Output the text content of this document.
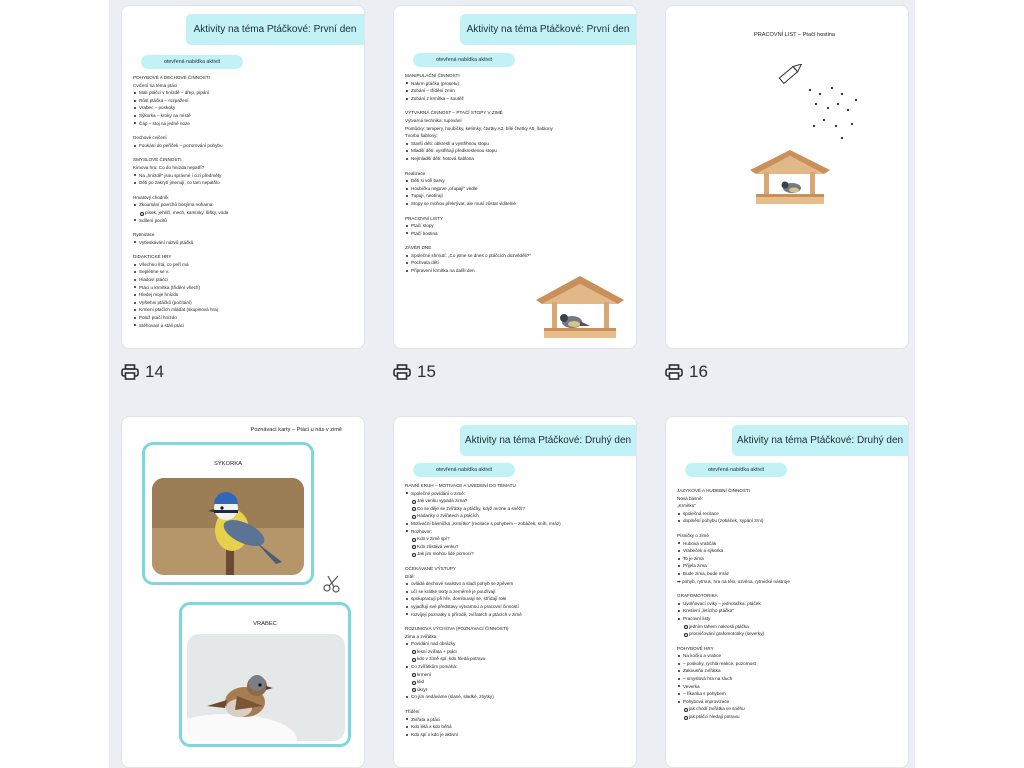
Aktivity na téma Ptáčkové: První den
otevřená nabídka aktivit
POHYBOVÉ A DECHOVÉ ČINNOSTI
Cvičení na téma ptáci
Malí ptáčci v hnízdě – dřep, pípání
Růst ptáčka – rozpažení
Vrabec – poskoky
Sýkorka – kroky na místě
Čáp – stoj na jedné noze
Dechové cvičení
Foukání do peříček – pozorování pohybu
SMYSLOVÉ ČINNOSTI
Kimova hra: Co do hnízda nepatří?
Na „hnízdě" jsou správné i cizí předměty
Děti po zakrytí jmenují, co tam nepatřilo
Hmatový chodník
Zkoumání povrchů bosýma nohama:
písek, jehličí, mech, kamínky, šišky, voda
Sdílení pocitů
Rytmizace
Vytleskávání názvů ptáčků
DIDAKTICKÉ HRY
Všechno lítá, co peří má
Seplétme se v.
Hladoví ptáčci
Ptáci u krmítka (třídění všech)
Hledej moje hnízdo
Vyšlehni ptáčků (počítání)
Krmení ptačích mláďat (skupinová hra)
Polož ptačí hnízdo
Stěhovaví a stálí ptáci
Aktivity na téma Ptáčkové: První den
otevřená nabídka aktivit
MANIPULAČNÍ ČINNOSTI
Nakrm ptáčka (prosetu)
Zobání – třídění zrnin
Zobání z krmítka – soutěž
VÝTVARNÁ ČINNOST – PTAČÍ STOPY V ZIMĚ
Výtvarná technika: tupování
Pomůcky: tempery, houbičky, kelímky, čtvrtky A3, bílé čtvrtky A5, šablony
Tvorba šablony:
Starší děti: obkreslí a vystřihnou stopu
Mladší děti: vystřihají předkreslenou stopu
Nejmladší děti: hotová šablona
Realizace
Děti si volí barvy
Houbičku nejprve „oťupají" vedle
Tupují, neotírají
Stopy se mohou překrývat, ale musí zůstat viditelné
PRACOVNÍ LISTY
Ptačí stopy
Ptačí hostina
ZÁVĚR DNE
Společné shrnutí: „Co jsme se dnes o ptáčcích dozvěděli?"
Pochvala dětí
Připravení krmítka na další den
PRACOVNÍ LIST – Ptačí hostina
14	15	16
Poznávací karty – Ptáci u nás v zimě
SÝKORKA
VRABEC
Aktivity na téma Ptáčkové: Druhý den
otevřená nabídka aktivit
RANNÍ KRUH – MOTIVACE A UVEDENÍ DO TÉMATU
Společné povídání o zimě:
Jak venku vypadá zima?
Co se děje se zvířátky a ptáčky, když mrzne a sněží?
Hádanky o zvířatech a ptácích
Motivační básnička „Krmítko" (recitace s pohybem – zobáček, sníh, mráz)
Rozhovor:
Kdo v zimě spí?
Kdo zůstává venku?
Jak jim mohou lidé pomoci?
OČEKÁVANÉ VÝSTUPY
Dítě:
ovládá dechové svalstvo a sladí pohyb se zpěvem
učí se krátké texty a zeměrně je používají
spolupracují při hře, domlouvají se, střídají role
vyjadřují své představy výtvarnou a pracovní činností
rozvíjejí poznatky o přírodě, zvířatech a ptácích v zimě
ROZUMOVÁ VÝCHOVA (POZNÁVACÍ ČINNOSTI)
Zima a zvířátka
Povídání nad obrázky
lesní zvířata + ptáci
kdo v zimě spí, kdo hledá potravu
Co zvířátkům pomáhá:
krmení
klid
úkryt
Co jím nedáváme (slané, sladké, zbytky)
Třídění
Zvířata a ptáci
Kdo létá x kdo běhá
Kdo spí x kdo je aktivní
Aktivity na téma Ptáčkové: Druhý den
otevřená nabídka aktivit
JAZYKOVÉ A HUDEBNÍ ČINNOSTI
Nová básně:
„Krmítko"
společná recitace
doplnění pohybu (zobáček, sypání zrní)
Písničky o zimě
Hubová vrabčák
Vrabeček a sýkorka
To je zima
Přijela zima
Bude zima, bude mráz
➡ pohyb, rytmus, hra na tělo, ozvěna, rytmické nástroje
GRAFOMOTORIKA
Uvolňovací cviky – jednotažka: ptáček
Kreslení „letícího ptáčka"
Pracovní listy
jedním tahem nakresli ptáčka
procvičování grafomotoriky (severky)
POHYBOVÉ HRY
Na kočku a vrabce
– poskoky, rychlá reakce, pozornost
Zakousňá zvířátka
– smyslová hra na sluch
Veverka
– říkanka s pohybem
Pohybová improvizace
jak chodí zvířátka ve sněhu
jak ptáčci hledají potravu
